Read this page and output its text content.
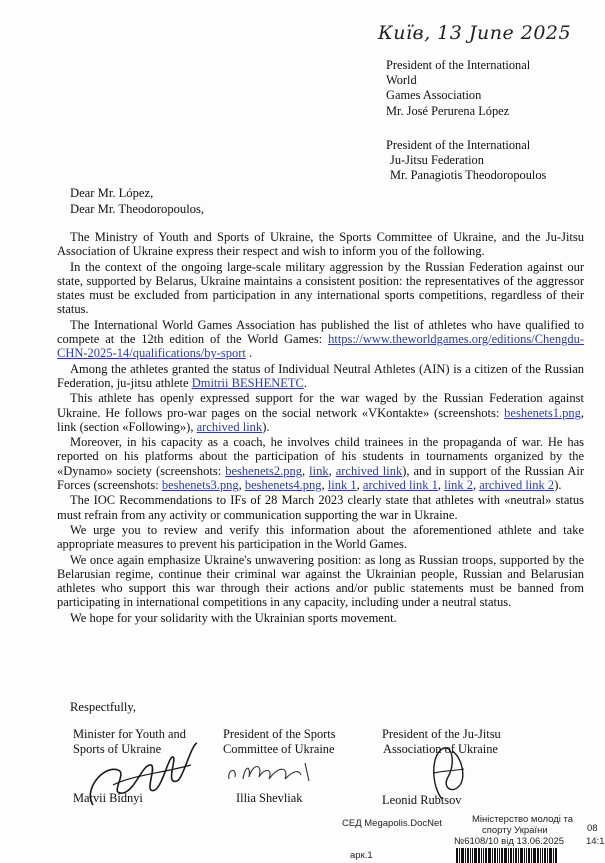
Київ, 13 June 2025
President of the International
World
Games Association
Mr. José Perurena López
President of the International
Ju-Jitsu Federation
Mr. Panagiotis Theodoropoulos
Dear Mr. López,
Dear Mr. Theodoropoulos,

The Ministry of Youth and Sports of Ukraine, the Sports Committee of Ukraine, and the Ju-Jitsu Association of Ukraine express their respect and wish to inform you of the following.

In the context of the ongoing large-scale military aggression by the Russian Federation against our state, supported by Belarus, Ukraine maintains a consistent position: the representatives of the aggressor states must be excluded from participation in any international sports competitions, regardless of their status.

The International World Games Association has published the list of athletes who have qualified to compete at the 12th edition of the World Games: https://www.theworldgames.org/editions/Chengdu-CHN-2025-14/qualifications/by-sport .

Among the athletes granted the status of Individual Neutral Athletes (AIN) is a citizen of the Russian Federation, ju-jitsu athlete Dmitrii BESHENETC.

This athlete has openly expressed support for the war waged by the Russian Federation against Ukraine. He follows pro-war pages on the social network «VKontakte» (screenshots: beshenets1.png, link (section «Following»), archived link).

Moreover, in his capacity as a coach, he involves child trainees in the propaganda of war. He has reported on his platforms about the participation of his students in tournaments organized by the «Dynamo» society (screenshots: beshenets2.png, link, archived link), and in support of the Russian Air Forces (screenshots: beshenets3.png, beshenets4.png, link 1, archived link 1, link 2, archived link 2).

The IOC Recommendations to IFs of 28 March 2023 clearly state that athletes with «neutral» status must refrain from any activity or communication supporting the war in Ukraine.

We urge you to review and verify this information about the aforementioned athlete and take appropriate measures to prevent his participation in the World Games.

We once again emphasize Ukraine's unwavering position: as long as Russian troops, supported by the Belarusian regime, continue their criminal war against the Ukrainian people, Russian and Belarusian athletes who support this war through their actions and/or public statements must be banned from participating in international competitions in any capacity, including under a neutral status.

We hope for your solidarity with the Ukrainian sports movement.

Respectfully,
Minister for Youth and
Sports of Ukraine
Matvii Bidnyi
President of the Sports
Committee of Ukraine
Illia Shevliak
President of the Ju-Jitsu
Association of Ukraine
Leonid Rubtsov
СЕД Megapolis.DocNet	Міністерство молоді та
спорту України
№6108/10 від 13.06.2025
08
14:1
арк.1
